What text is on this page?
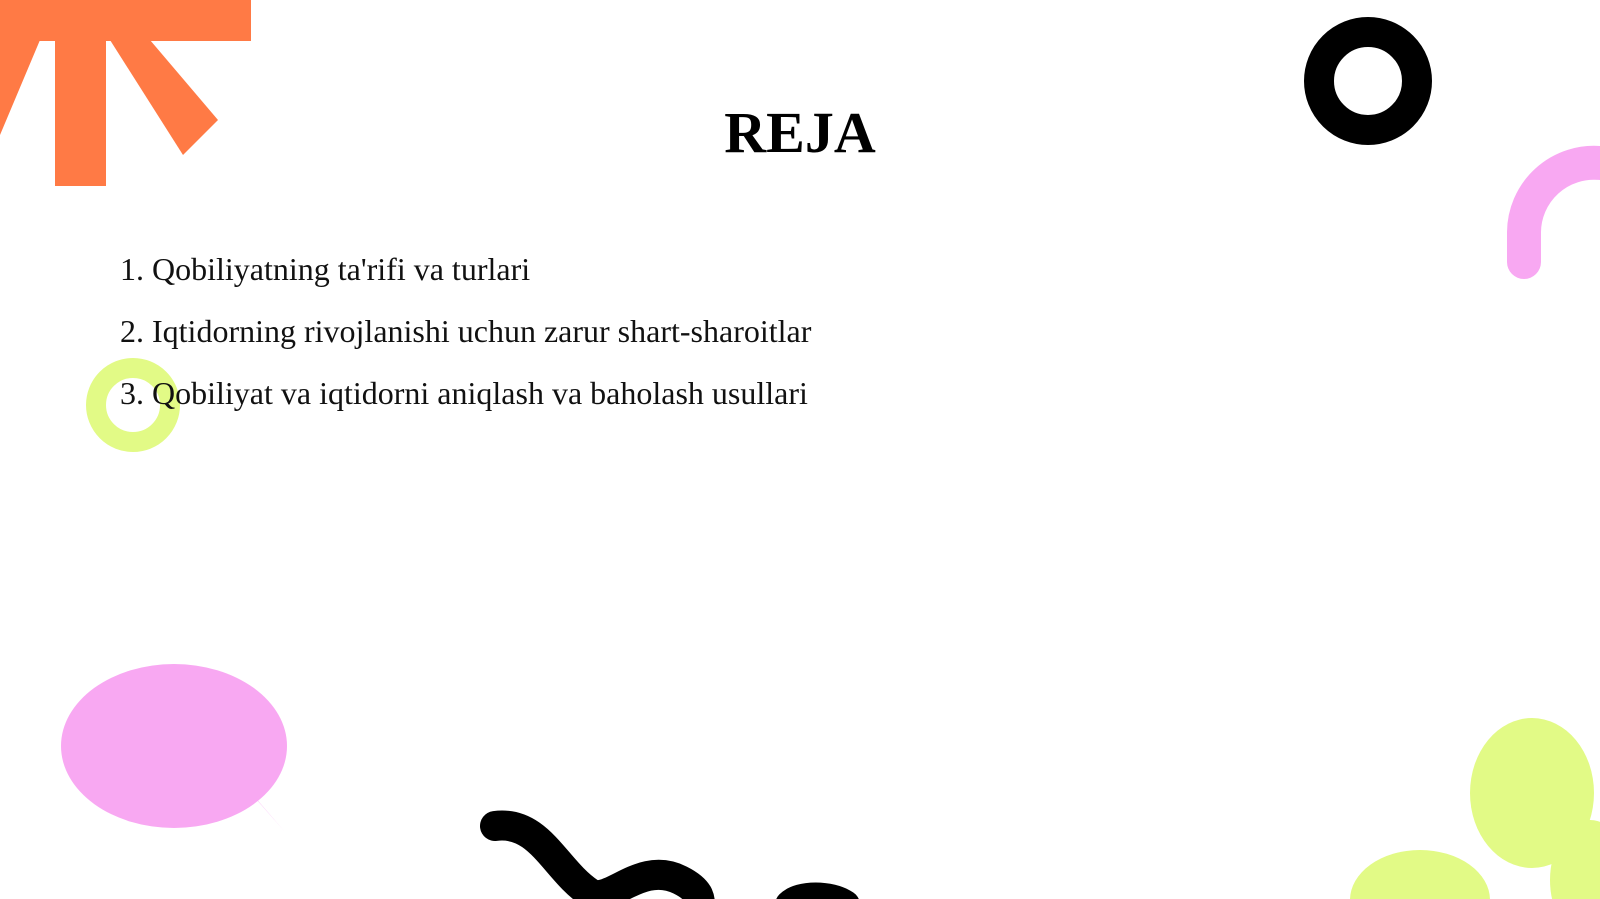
REJA
1. Qobiliyatning ta'rifi va turlari
2. Iqtidorning rivojlanishi uchun zarur shart-sharoitlar
3. Qobiliyat va iqtidorni aniqlash va baholash usullari
